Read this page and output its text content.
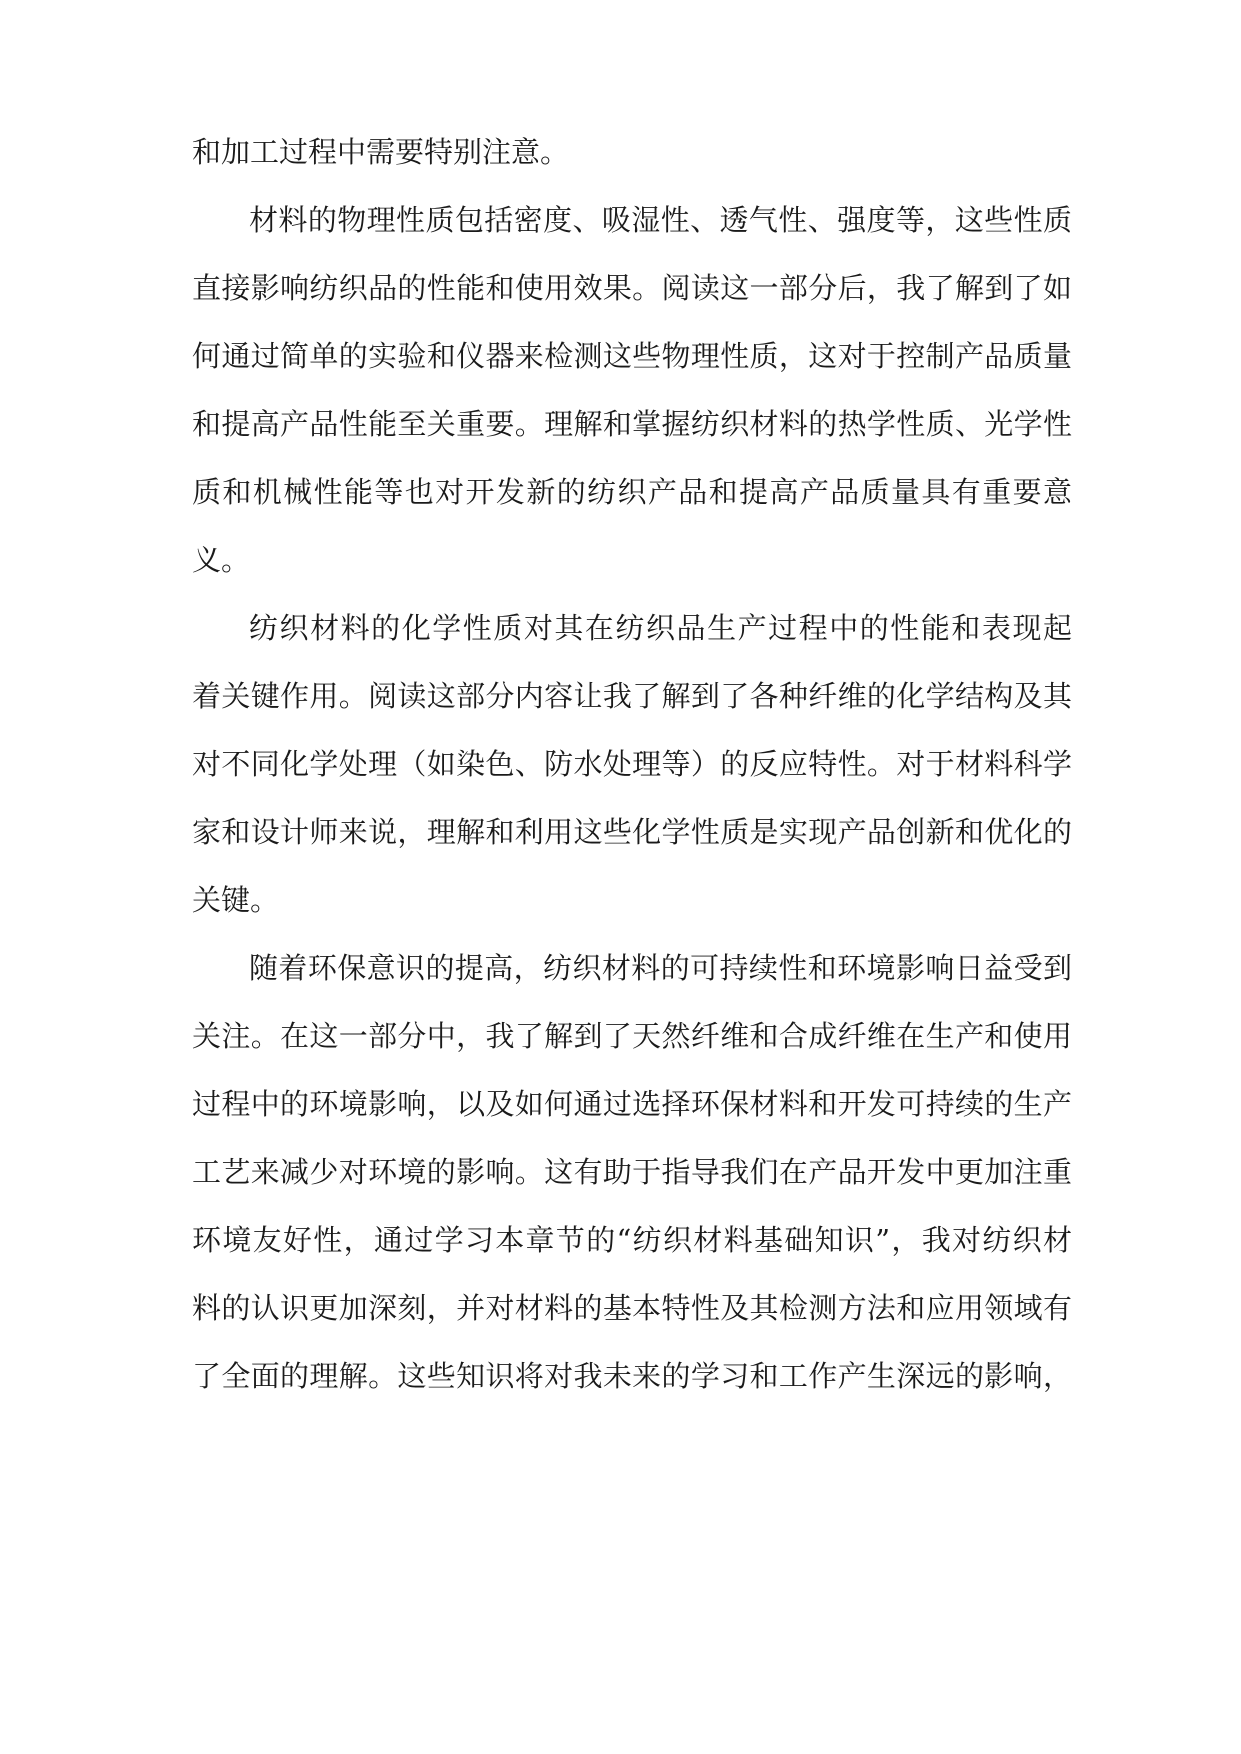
和加工过程中需要特别注意。
材料的物理性质包括密度、吸湿性、透气性、强度等，这些性质
直接影响纺织品的性能和使用效果。阅读这一部分后，我了解到了如
何通过简单的实验和仪器来检测这些物理性质，这对于控制产品质量
和提高产品性能至关重要。理解和掌握纺织材料的热学性质、光学性
质和机械性能等也对开发新的纺织产品和提高产品质量具有重要意
义。
纺织材料的化学性质对其在纺织品生产过程中的性能和表现起
着关键作用。阅读这部分内容让我了解到了各种纤维的化学结构及其
对不同化学处理（如染色、防水处理等）的反应特性。对于材料科学
家和设计师来说，理解和利用这些化学性质是实现产品创新和优化的
关键。
随着环保意识的提高，纺织材料的可持续性和环境影响日益受到
关注。在这一部分中，我了解到了天然纤维和合成纤维在生产和使用
过程中的环境影响，以及如何通过选择环保材料和开发可持续的生产
工艺来减少对环境的影响。这有助于指导我们在产品开发中更加注重
环境友好性，通过学习本章节的“纺织材料基础知识”，我对纺织材
料的认识更加深刻，并对材料的基本特性及其检测方法和应用领域有
了全面的理解。这些知识将对我未来的学习和工作产生深远的影响，
